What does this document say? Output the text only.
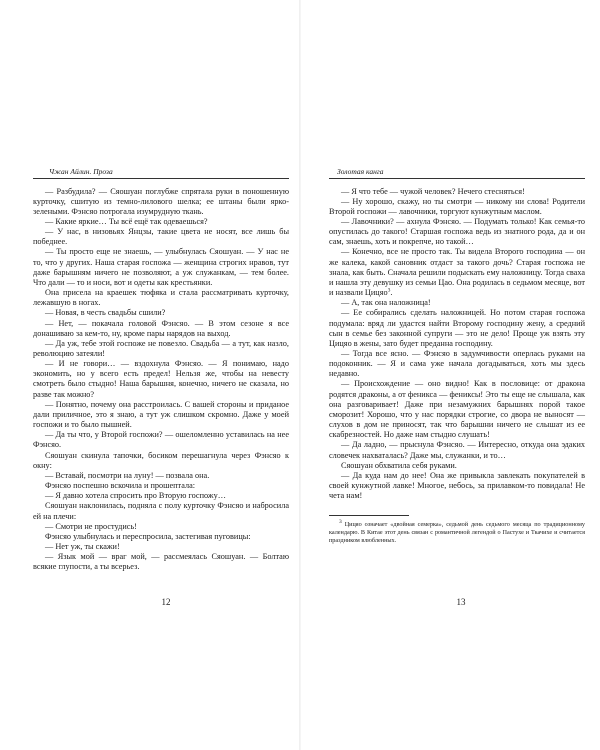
Чжан Айлин. Проза

— Разбудила? — Сяошуан поглубже спрятала руки в поношенную курточку, сшитую из темно-лилового шелка; ее штаны были ярко-зелеными. Фэнсяо потрогала изумрудную ткань.

— Какие яркие… Ты всё ещё так одеваешься?

— У нас, в низовьях Янцзы, такие цвета не носят, все лишь бы победнее.

— Ты просто еще не знаешь, — улыбнулась Сяошуан. — У нас не то, что у других. Наша старая госпожа — женщина строгих нравов, тут даже барышням ничего не позволяют, а уж служанкам, — тем более. Что дали — то и носи, вот и одеты как крестьянки.

Она присела на краешек тюфяка и стала рассматривать курточку, лежавшую в ногах.

— Новая, в честь свадьбы сшили?

— Нет, — покачала головой Фэнсяо. — В этом сезоне я все донашиваю за кем-то, ну, кроме пары нарядов на выход.

— Да уж, тебе этой госпоже не повезло. Свадьба — а тут, как назло, революцию затеяли!

— И не говори… — вздохнула Фэнсяо. — Я понимаю, надо экономить, но у всего есть предел! Нельзя же, чтобы на невесту смотреть было стыдно! Наша барышня, конечно, ничего не сказала, но разве так можно?

— Понятно, почему она расстроилась. С вашей стороны и приданое дали приличное, это я знаю, а тут уж слишком скромно. Даже у моей госпожи и то было пышней.

— Да ты что, у Второй госпожи? — ошеломленно уставилась на нее Фэнсяо.

Сяошуан скинула тапочки, босиком перешагнула через Фэнсяо к окну:

— Вставай, посмотри на луну! — позвала она.

Фэнсяо поспешно вскочила и прошептала:

— Я давно хотела спросить про Вторую госпожу…

Сяошуан наклонилась, подняла с полу курточку Фэнсяо и набросила ей на плечи:

— Смотри не простудись!

Фэнсяо улыбнулась и переспросила, застегивая пуговицы:

— Нет уж, ты скажи!

— Язык мой — враг мой, — рассмеялась Сяошуан. — Болтаю всякие глупости, а ты всерьез.

12
Золотая канга

— Я что тебе — чужой человек? Нечего стесняться!

— Ну хорошо, скажу, но ты смотри — никому ни слова! Родители Второй госпожи — лавочники, торгуют кунжутным маслом.

— Лавочники? — ахнула Фэнсяо. — Подумать только! Как семья-то опустилась до такого! Старшая госпожа ведь из знатного рода, да и он сам, знаешь, хоть и покрепче, но такой…

— Конечно, все не просто так. Ты видела Второго господина — он же калека, какой сановник отдаст за такого дочь? Старая госпожа не знала, как быть. Сначала решили подыскать ему наложницу. Тогда сваха и нашла эту девушку из семьи Цао. Она родилась в седьмом месяце, вот и назвали Цицяо$^3$.

— А, так она наложница!

— Ее собирались сделать наложницей. Но потом старая госпожа подумала: вряд ли удастся найти Второму господину жену, а средний сын в семье без законной супруги — это не дело! Проще уж взять эту Цицяо в жены, зато будет преданна господину.

— Тогда все ясно. — Фэнсяо в задумчивости оперлась руками на подоконник. — Я и сама уже начала догадываться, хоть мы здесь недавно.

— Происхождение — оно видно! Как в пословице: от дракона родятся драконы, а от феникса — фениксы! Это ты еще не слышала, как она разговаривает! Даже при незамужних барышнях порой такое сморозит! Хорошо, что у нас порядки строгие, со двора не выносят — слухов в дом не приносят, так что барышни ничего не слышат из ее скабрезностей. Но даже нам стыдно слушать!

— Да ладно, — прыснула Фэнсяо. — Интересно, откуда она эдаких словечек нахваталась? Даже мы, служанки, и то…

Сяошуан обхватила себя руками.

— Да куда нам до нее! Она же привыкла завлекать покупателей в своей кунжутной лавке! Многое, небось, за прилавком-то повидала! Не чета нам!

$^3$ Цицяо означает «двойная семерка», седьмой день седьмого месяца по традиционному календарю. В Китае этот день связан с романтичной легендой о Пастухе и Ткачихе и считается праздником влюбленных.

13
